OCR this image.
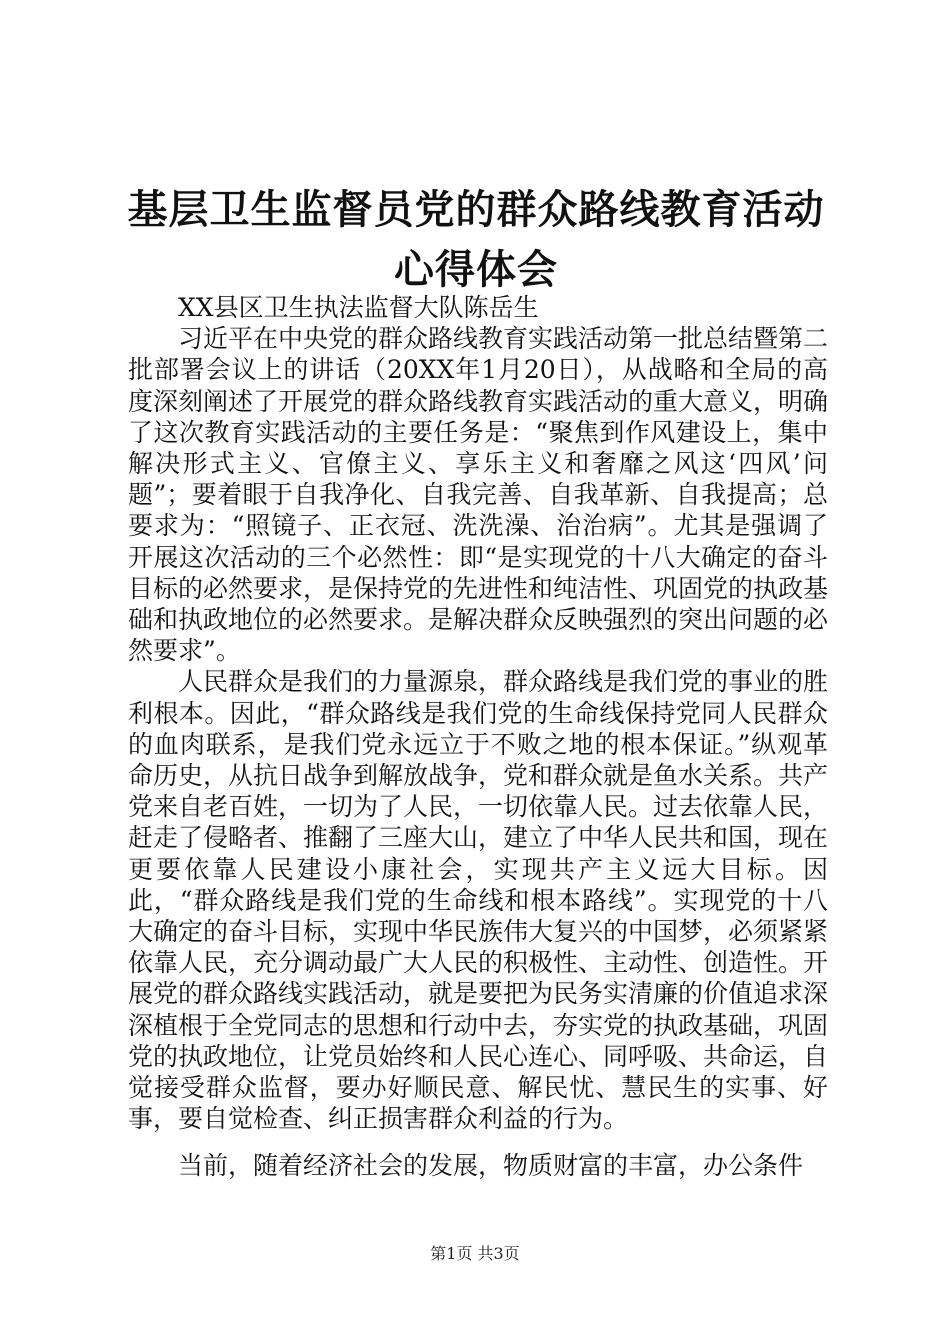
基层卫生监督员党的群众路线教育活动心得体会

XX县区卫生执法监督大队陈岳生

习近平在中央党的群众路线教育实践活动第一批总结暨第二批部署会议上的讲话（20XX年1月20日），从战略和全局的高度深刻阐述了开展党的群众路线教育实践活动的重大意义，明确了这次教育实践活动的主要任务是：“聚焦到作风建设上，集中解决形式主义、官僚主义、享乐主义和奢靡之风这‘四风’问题”；要着眼于自我净化、自我完善、自我革新、自我提高；总要求为：“照镜子、正衣冠、洗洗澡、治治病”。尤其是强调了开展这次活动的三个必然性：即“是实现党的十八大确定的奋斗目标的必然要求，是保持党的先进性和纯洁性、巩固党的执政基础和执政地位的必然要求。是解决群众反映强烈的突出问题的必然要求”。

人民群众是我们的力量源泉，群众路线是我们党的事业的胜利根本。因此，“群众路线是我们党的生命线保持党同人民群众的血肉联系，是我们党永远立于不败之地的根本保证。”纵观革命历史，从抗日战争到解放战争，党和群众就是鱼水关系。共产党来自老百姓，一切为了人民，一切依靠人民。过去依靠人民，赶走了侵略者、推翻了三座大山，建立了中华人民共和国，现在更要依靠人民建设小康社会，实现共产主义远大目标。因此，“群众路线是我们党的生命线和根本路线”。实现党的十八大确定的奋斗目标，实现中华民族伟大复兴的中国梦，必须紧紧依靠人民，充分调动最广大人民的积极性、主动性、创造性。开展党的群众路线实践活动，就是要把为民务实清廉的价值追求深深植根于全党同志的思想和行动中去，夯实党的执政基础，巩固党的执政地位，让党员始终和人民心连心、同呼吸、共命运，自觉接受群众监督，要办好顺民意、解民忧、慧民生的实事、好事，要自觉检查、纠正损害群众利益的行为。

当前，随着经济社会的发展，物质财富的丰富，办公条件

第1页 共3页
